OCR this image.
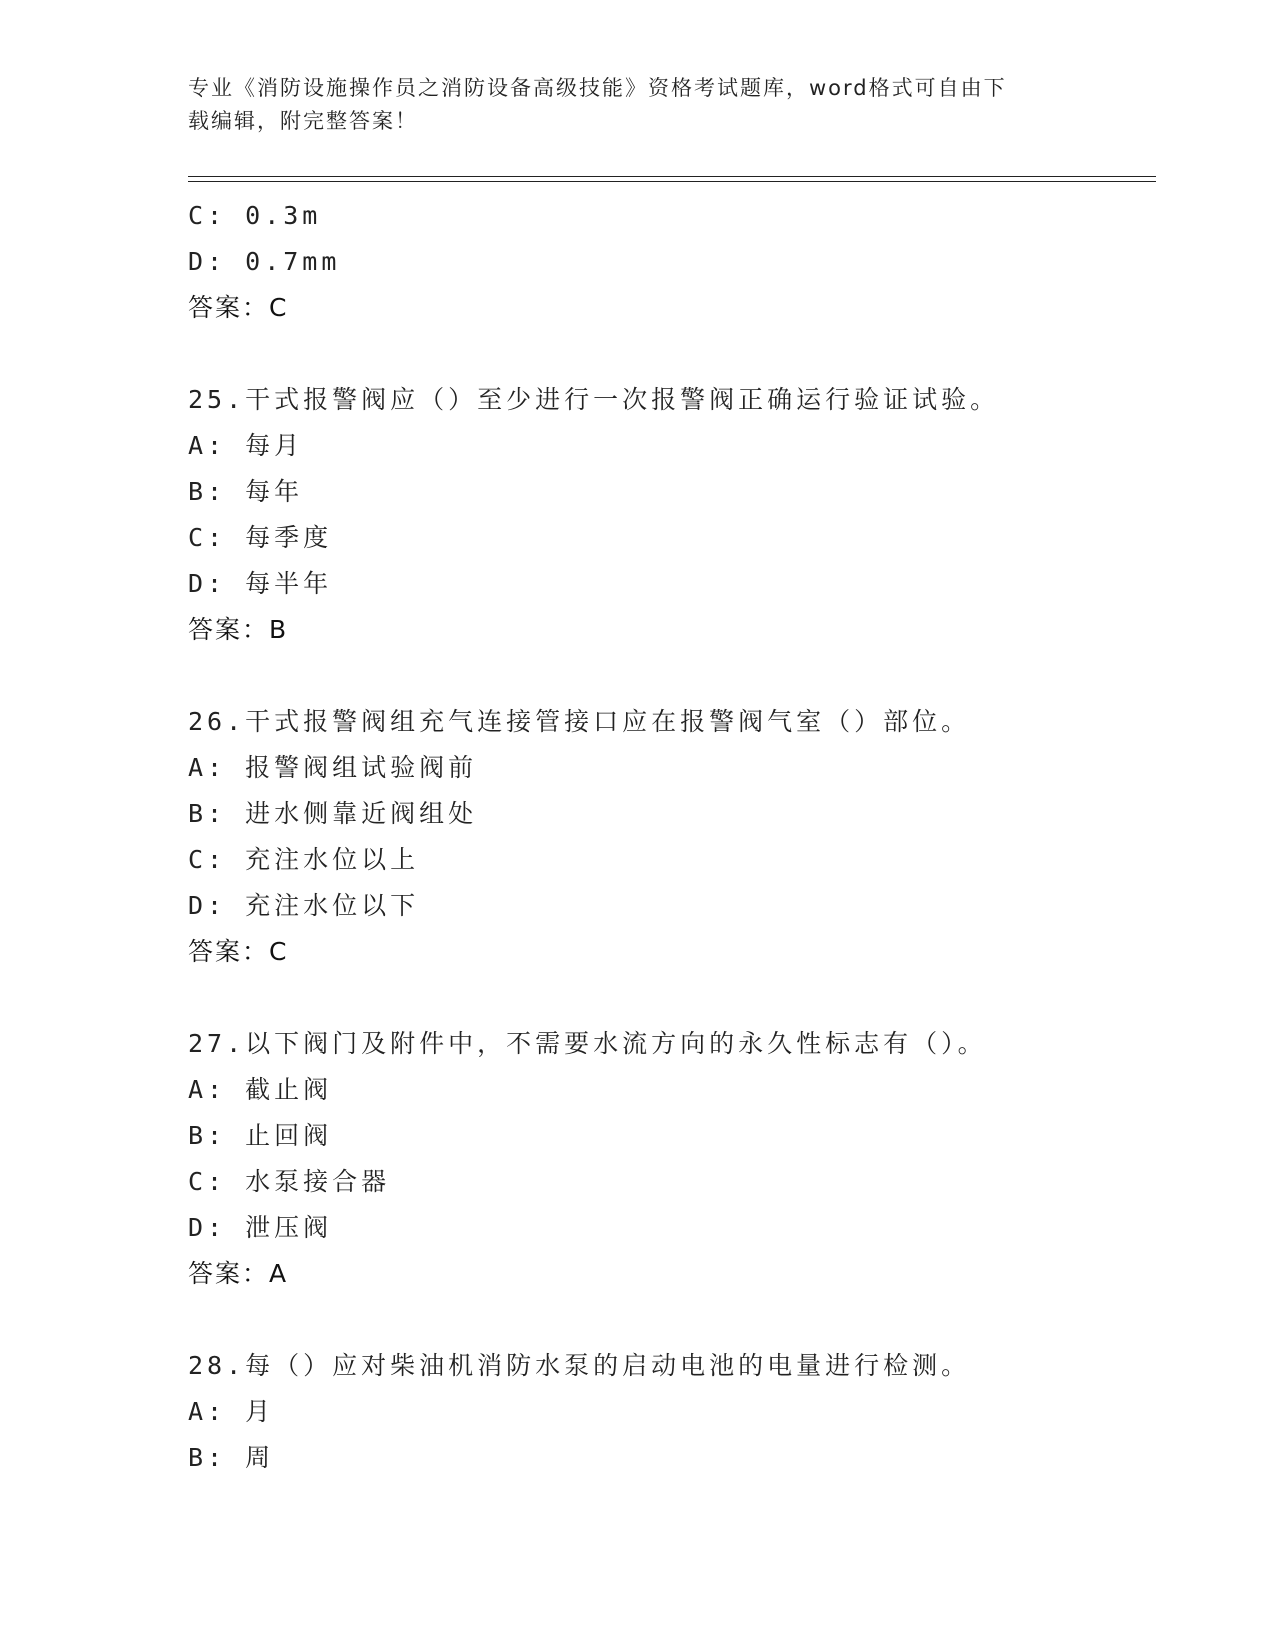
专业《消防设施操作员之消防设备高级技能》资格考试题库，word格式可自由下
载编辑，附完整答案！
C: 0.3m
D: 0.7mm
答案：C
25.干式报警阀应（）至少进行一次报警阀正确运行验证试验。
A: 每月
B: 每年
C: 每季度
D: 每半年
答案：B
26.干式报警阀组充气连接管接口应在报警阀气室（）部位。
A: 报警阀组试验阀前
B: 进水侧靠近阀组处
C: 充注水位以上
D: 充注水位以下
答案：C
27.以下阀门及附件中，不需要水流方向的永久性标志有（）。
A: 截止阀
B: 止回阀
C: 水泵接合器
D: 泄压阀
答案：A
28.每（）应对柴油机消防水泵的启动电池的电量进行检测。
A: 月
B: 周
